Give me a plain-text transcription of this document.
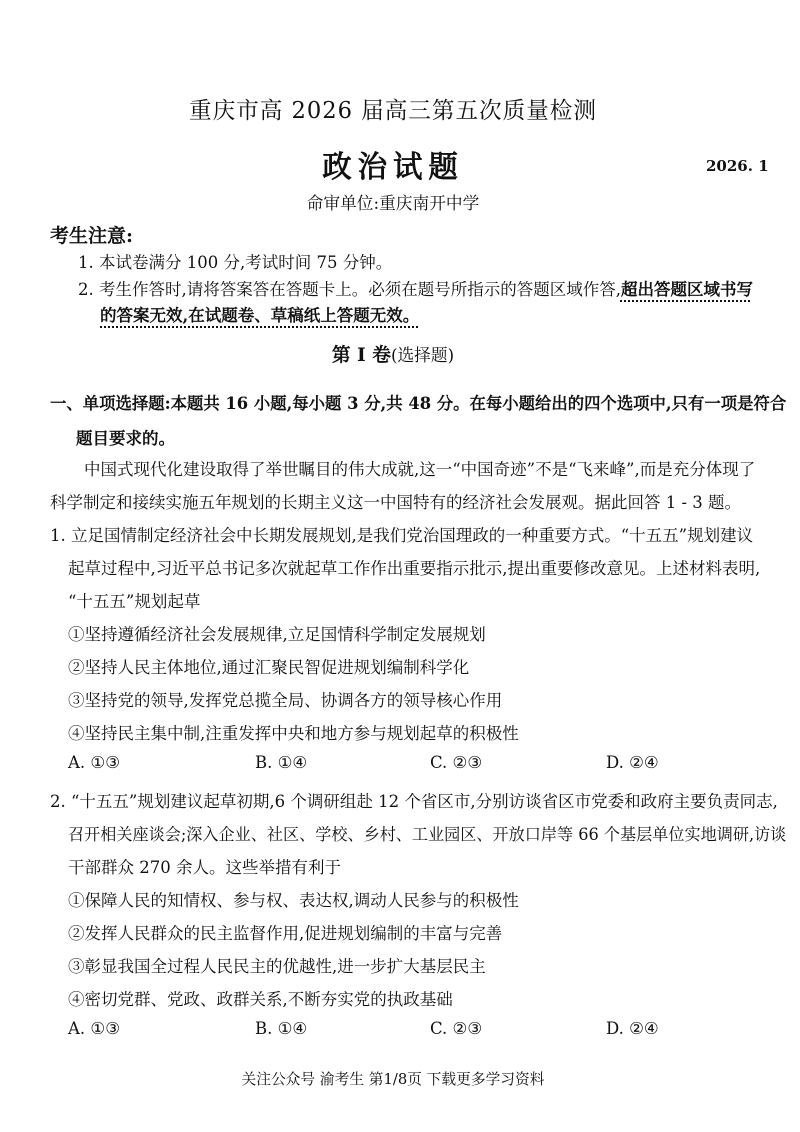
重庆市高 2026 届高三第五次质量检测
政治试题	2026. 1
命审单位:重庆南开中学
考生注意:
1. 本试卷满分 100 分,考试时间 75 分钟。
2. 考生作答时,请将答案答在答题卡上。必须在题号所指示的答题区域作答,超出答题区域书写
的答案无效,在试题卷、草稿纸上答题无效。
第 I 卷(选择题)
一、单项选择题:本题共 16 小题,每小题 3 分,共 48 分。在每小题给出的四个选项中,只有一项是符合
题目要求的。
中国式现代化建设取得了举世瞩目的伟大成就,这一“中国奇迹”不是“飞来峰”,而是充分体现了
科学制定和接续实施五年规划的长期主义这一中国特有的经济社会发展观。据此回答 1 - 3 题。
1. 立足国情制定经济社会中长期发展规划,是我们党治国理政的一种重要方式。“十五五”规划建议
起草过程中,习近平总书记多次就起草工作作出重要指示批示,提出重要修改意见。上述材料表明,
“十五五”规划起草
①坚持遵循经济社会发展规律,立足国情科学制定发展规划
②坚持人民主体地位,通过汇聚民智促进规划编制科学化
③坚持党的领导,发挥党总揽全局、协调各方的领导核心作用
④坚持民主集中制,注重发挥中央和地方参与规划起草的积极性
A. ①③	B. ①④	C. ②③	D. ②④
2. “十五五”规划建议起草初期,6 个调研组赴 12 个省区市,分别访谈省区市党委和政府主要负责同志,
召开相关座谈会;深入企业、社区、学校、乡村、工业园区、开放口岸等 66 个基层单位实地调研,访谈
干部群众 270 余人。这些举措有利于
①保障人民的知情权、参与权、表达权,调动人民参与的积极性
②发挥人民群众的民主监督作用,促进规划编制的丰富与完善
③彰显我国全过程人民民主的优越性,进一步扩大基层民主
④密切党群、党政、政群关系,不断夯实党的执政基础
A. ①③	B. ①④	C. ②③	D. ②④
关注公众号 渝考生 第1/8页 下载更多学习资料
